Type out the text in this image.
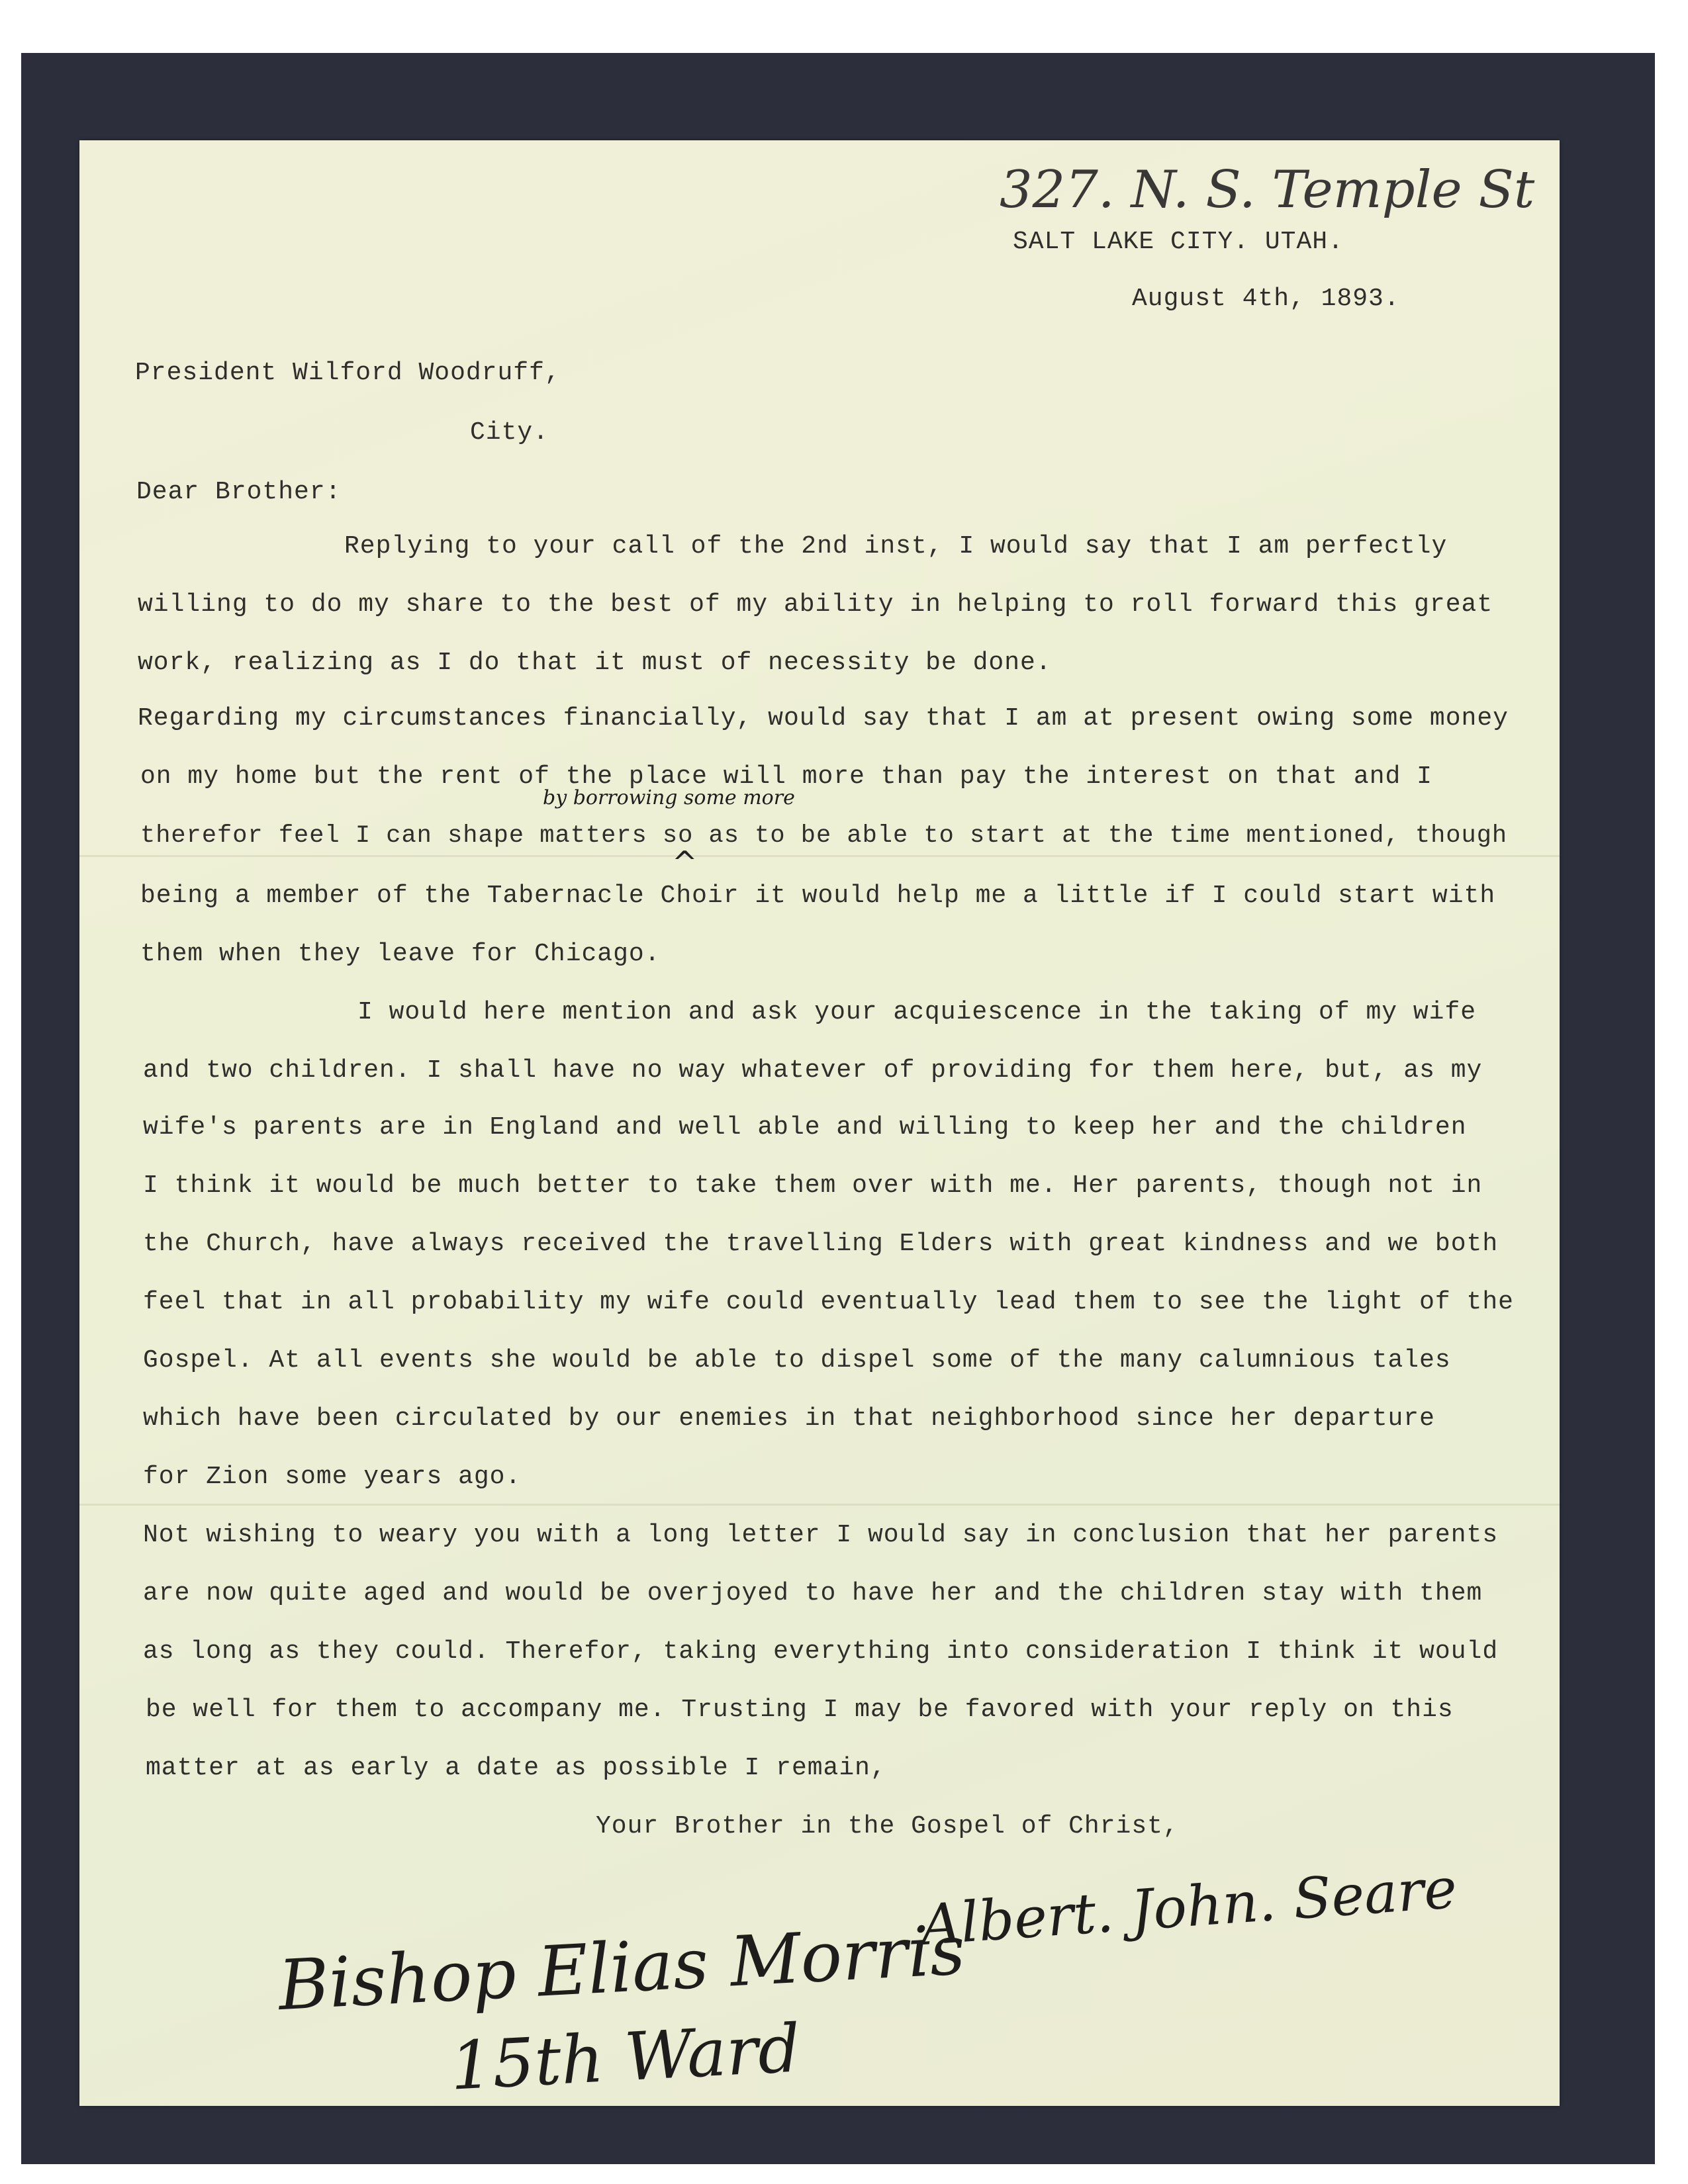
327. N. S. Temple St
SALT LAKE CITY. UTAH.
August 4th, 1893.
President Wilford Woodruff,
City.
Dear Brother:
Replying to your call of the 2nd inst, I would say that I am perfectly
willing to do my share to the best of my ability in helping to roll forward this great
work, realizing as I do that it must of necessity be done.
Regarding my circumstances financially, would say that I am at present owing some money
on my home but the rent of the place will more than pay the interest on that and I
by borrowing some more
therefor feel I can shape matters so as to be able to start at the time mentioned, though
^
being a member of the Tabernacle Choir it would help me a little if I could start with
them when they leave for Chicago.
I would here mention and ask your acquiescence in the taking of my wife
and two children. I shall have no way whatever of providing for them here, but, as my
wife's parents are in England and well able and willing to keep her and the children
I think it would be much better to take them over with me. Her parents, though not in
the Church, have always received the travelling Elders with great kindness and we both
feel that in all probability my wife could eventually lead them to see the light of the
Gospel. At all events she would be able to dispel some of the many calumnious tales
which have been circulated by our enemies in that neighborhood since her departure
for Zion some years ago.
Not wishing to weary you with a long letter I would say in conclusion that her parents
are now quite aged and would be overjoyed to have her and the children stay with them
as long as they could. Therefor, taking everything into consideration I think it would
be well for them to accompany me. Trusting I may be favored with your reply on this
matter at as early a date as possible I remain,
Your Brother in the Gospel of Christ,
Albert. John. Seare
Bishop Elias Morris
15th Ward
